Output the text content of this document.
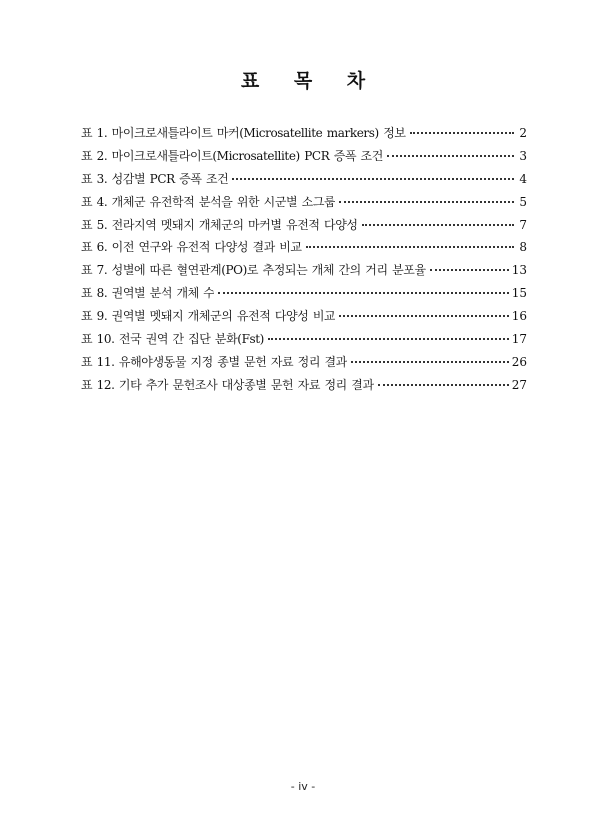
표 목 차
표 1. 마이크로새틀라이트 마커(Microsatellite markers) 정보	2
표 2. 마이크로새틀라이트(Microsatellite) PCR 증폭 조건	3
표 3. 성감별 PCR 증폭 조건	4
표 4. 개체군 유전학적 분석을 위한 시군별 소그룹	5
표 5. 전라지역 멧돼지 개체군의 마커별 유전적 다양성	7
표 6. 이전 연구와 유전적 다양성 결과 비교	8
표 7. 성별에 따른 혈연관계(PO)로 추정되는 개체 간의 거리 분포율	13
표 8. 권역별 분석 개체 수	15
표 9. 권역별 멧돼지 개체군의 유전적 다양성 비교	16
표 10. 전국 권역 간 집단 분화(Fst)	17
표 11. 유해야생동물 지정 종별 문헌 자료 정리 결과	26
표 12. 기타 추가 문헌조사 대상종별 문헌 자료 정리 결과	27
- iv -
